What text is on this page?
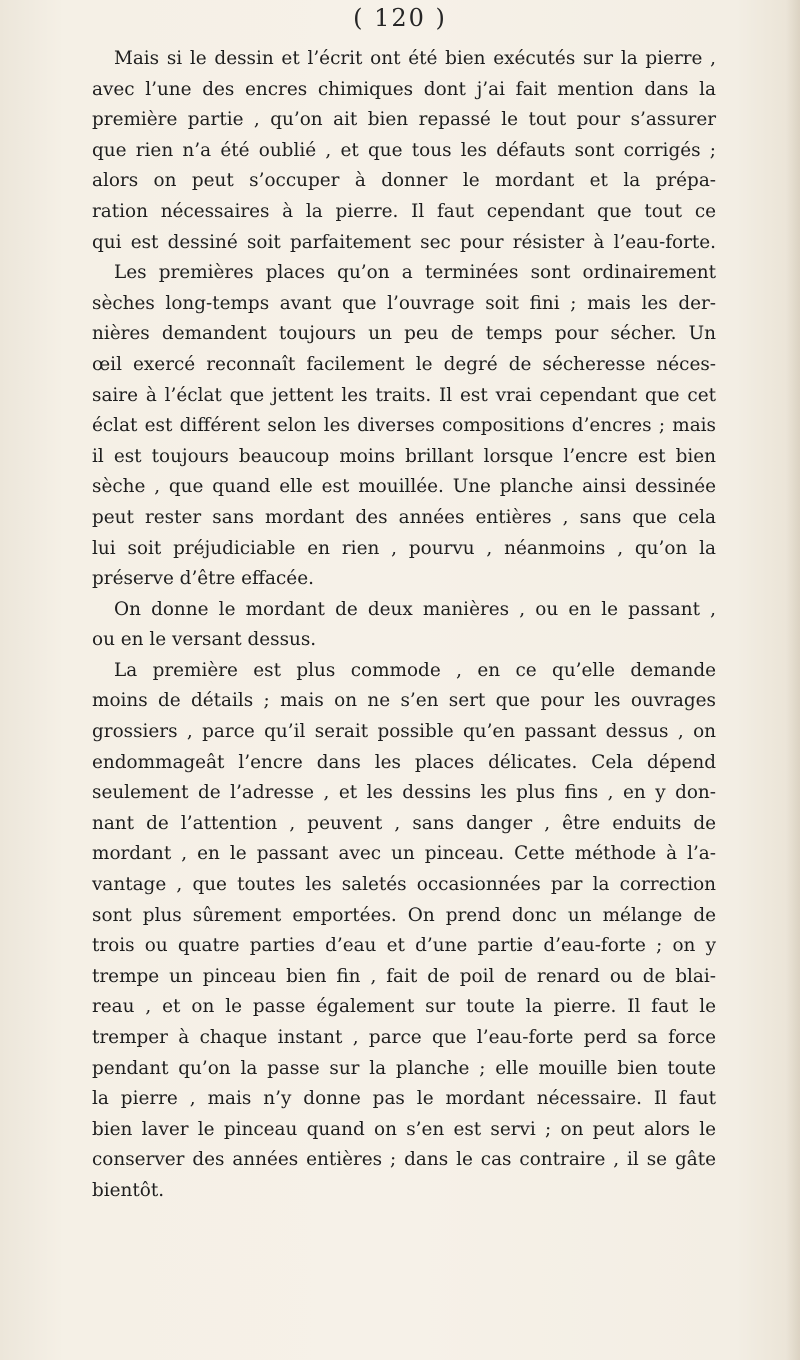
( 120 )
Mais si le dessin et l’écrit ont été bien exécutés sur la pierre ,
avec l’une des encres chimiques dont j’ai fait mention dans la
première partie , qu’on ait bien repassé le tout pour s’assurer
que rien n’a été oublié , et que tous les défauts sont corrigés ;
alors on peut s’occuper à donner le mordant et la prépa-
ration nécessaires à la pierre. Il faut cependant que tout ce
qui est dessiné soit parfaitement sec pour résister à l’eau-forte.
Les premières places qu’on a terminées sont ordinairement
sèches long-temps avant que l’ouvrage soit fini ; mais les der-
nières demandent toujours un peu de temps pour sécher. Un
œil exercé reconnaît facilement le degré de sécheresse néces-
saire à l’éclat que jettent les traits. Il est vrai cependant que cet
éclat est différent selon les diverses compositions d’encres ; mais
il est toujours beaucoup moins brillant lorsque l’encre est bien
sèche , que quand elle est mouillée. Une planche ainsi dessinée
peut rester sans mordant des années entières , sans que cela
lui soit préjudiciable en rien , pourvu , néanmoins , qu’on la
préserve d’être effacée.
On donne le mordant de deux manières , ou en le passant ,
ou en le versant dessus.
La première est plus commode , en ce qu’elle demande
moins de détails ; mais on ne s’en sert que pour les ouvrages
grossiers , parce qu’il serait possible qu’en passant dessus , on
endommageât l’encre dans les places délicates. Cela dépend
seulement de l’adresse , et les dessins les plus fins , en y don-
nant de l’attention , peuvent , sans danger , être enduits de
mordant , en le passant avec un pinceau. Cette méthode à l’a-
vantage , que toutes les saletés occasionnées par la correction
sont plus sûrement emportées. On prend donc un mélange de
trois ou quatre parties d’eau et d’une partie d’eau-forte ; on y
trempe un pinceau bien fin , fait de poil de renard ou de blai-
reau , et on le passe également sur toute la pierre. Il faut le
tremper à chaque instant , parce que l’eau-forte perd sa force
pendant qu’on la passe sur la planche ; elle mouille bien toute
la pierre , mais n’y donne pas le mordant nécessaire. Il faut
bien laver le pinceau quand on s’en est servi ; on peut alors le
conserver des années entières ; dans le cas contraire , il se gâte
bientôt.
